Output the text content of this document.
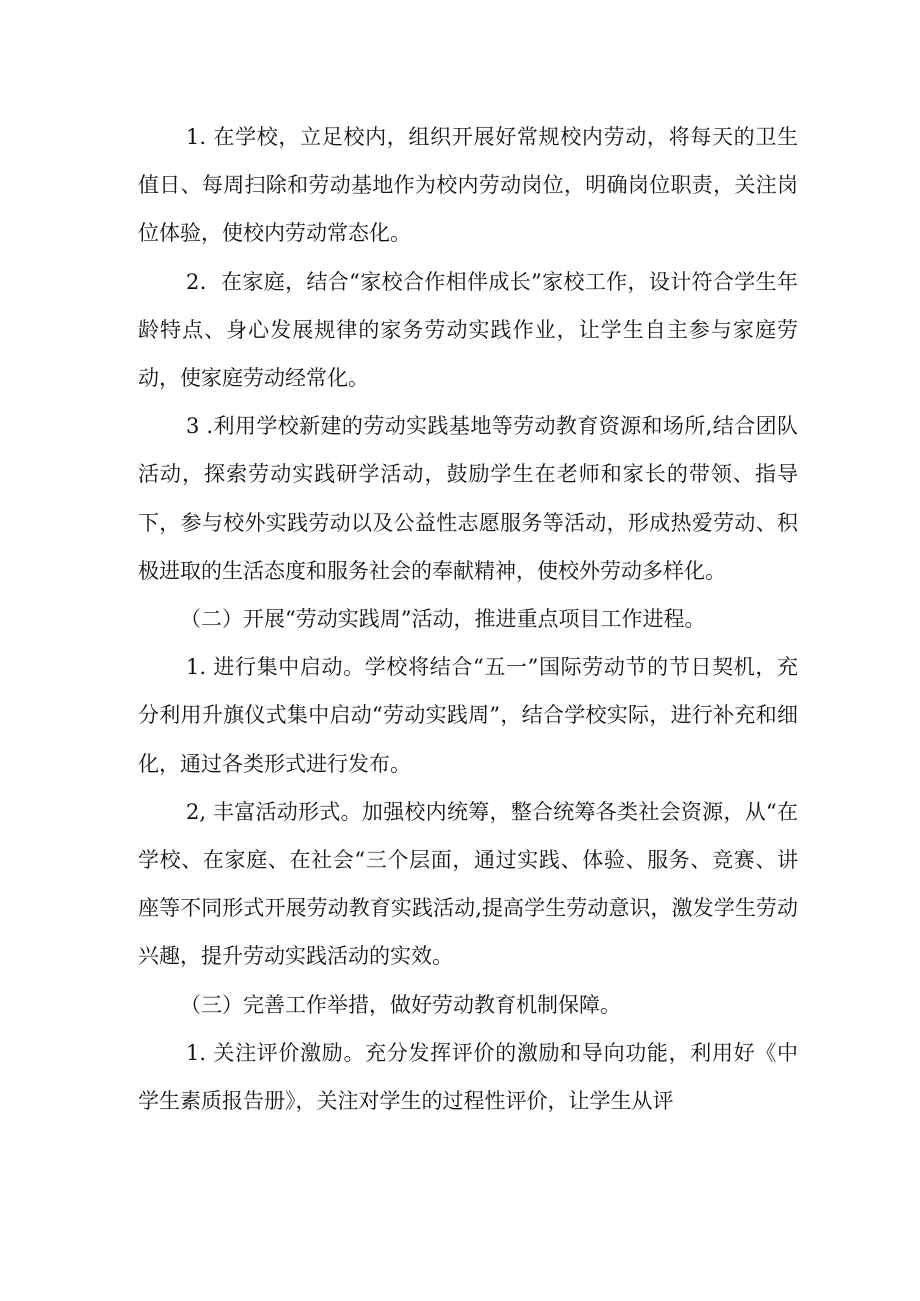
1. 在学校，立足校内，组织开展好常规校内劳动，将每天的卫生值日、每周扫除和劳动基地作为校内劳动岗位，明确岗位职责，关注岗位体验，使校内劳动常态化。

2．在家庭，结合“家校合作相伴成长”家校工作，设计符合学生年龄特点、身心发展规律的家务劳动实践作业，让学生自主参与家庭劳动，使家庭劳动经常化。

3 .利用学校新建的劳动实践基地等劳动教育资源和场所,结合团队活动，探索劳动实践研学活动，鼓励学生在老师和家长的带领、指导下，参与校外实践劳动以及公益性志愿服务等活动，形成热爱劳动、积极进取的生活态度和服务社会的奉献精神，使校外劳动多样化。

（二）开展“劳动实践周”活动，推进重点项目工作进程。

1. 进行集中启动。学校将结合“五一”国际劳动节的节日契机，充分利用升旗仪式集中启动“劳动实践周”，结合学校实际，进行补充和细化，通过各类形式进行发布。

2, 丰富活动形式。加强校内统筹，整合统筹各类社会资源，从“在学校、在家庭、在社会“三个层面，通过实践、体验、服务、竞赛、讲座等不同形式开展劳动教育实践活动,提高学生劳动意识，激发学生劳动兴趣，提升劳动实践活动的实效。

（三）完善工作举措，做好劳动教育机制保障。

1. 关注评价激励。充分发挥评价的激励和导向功能，利用好《中学生素质报告册》，关注对学生的过程性评价，让学生从评
